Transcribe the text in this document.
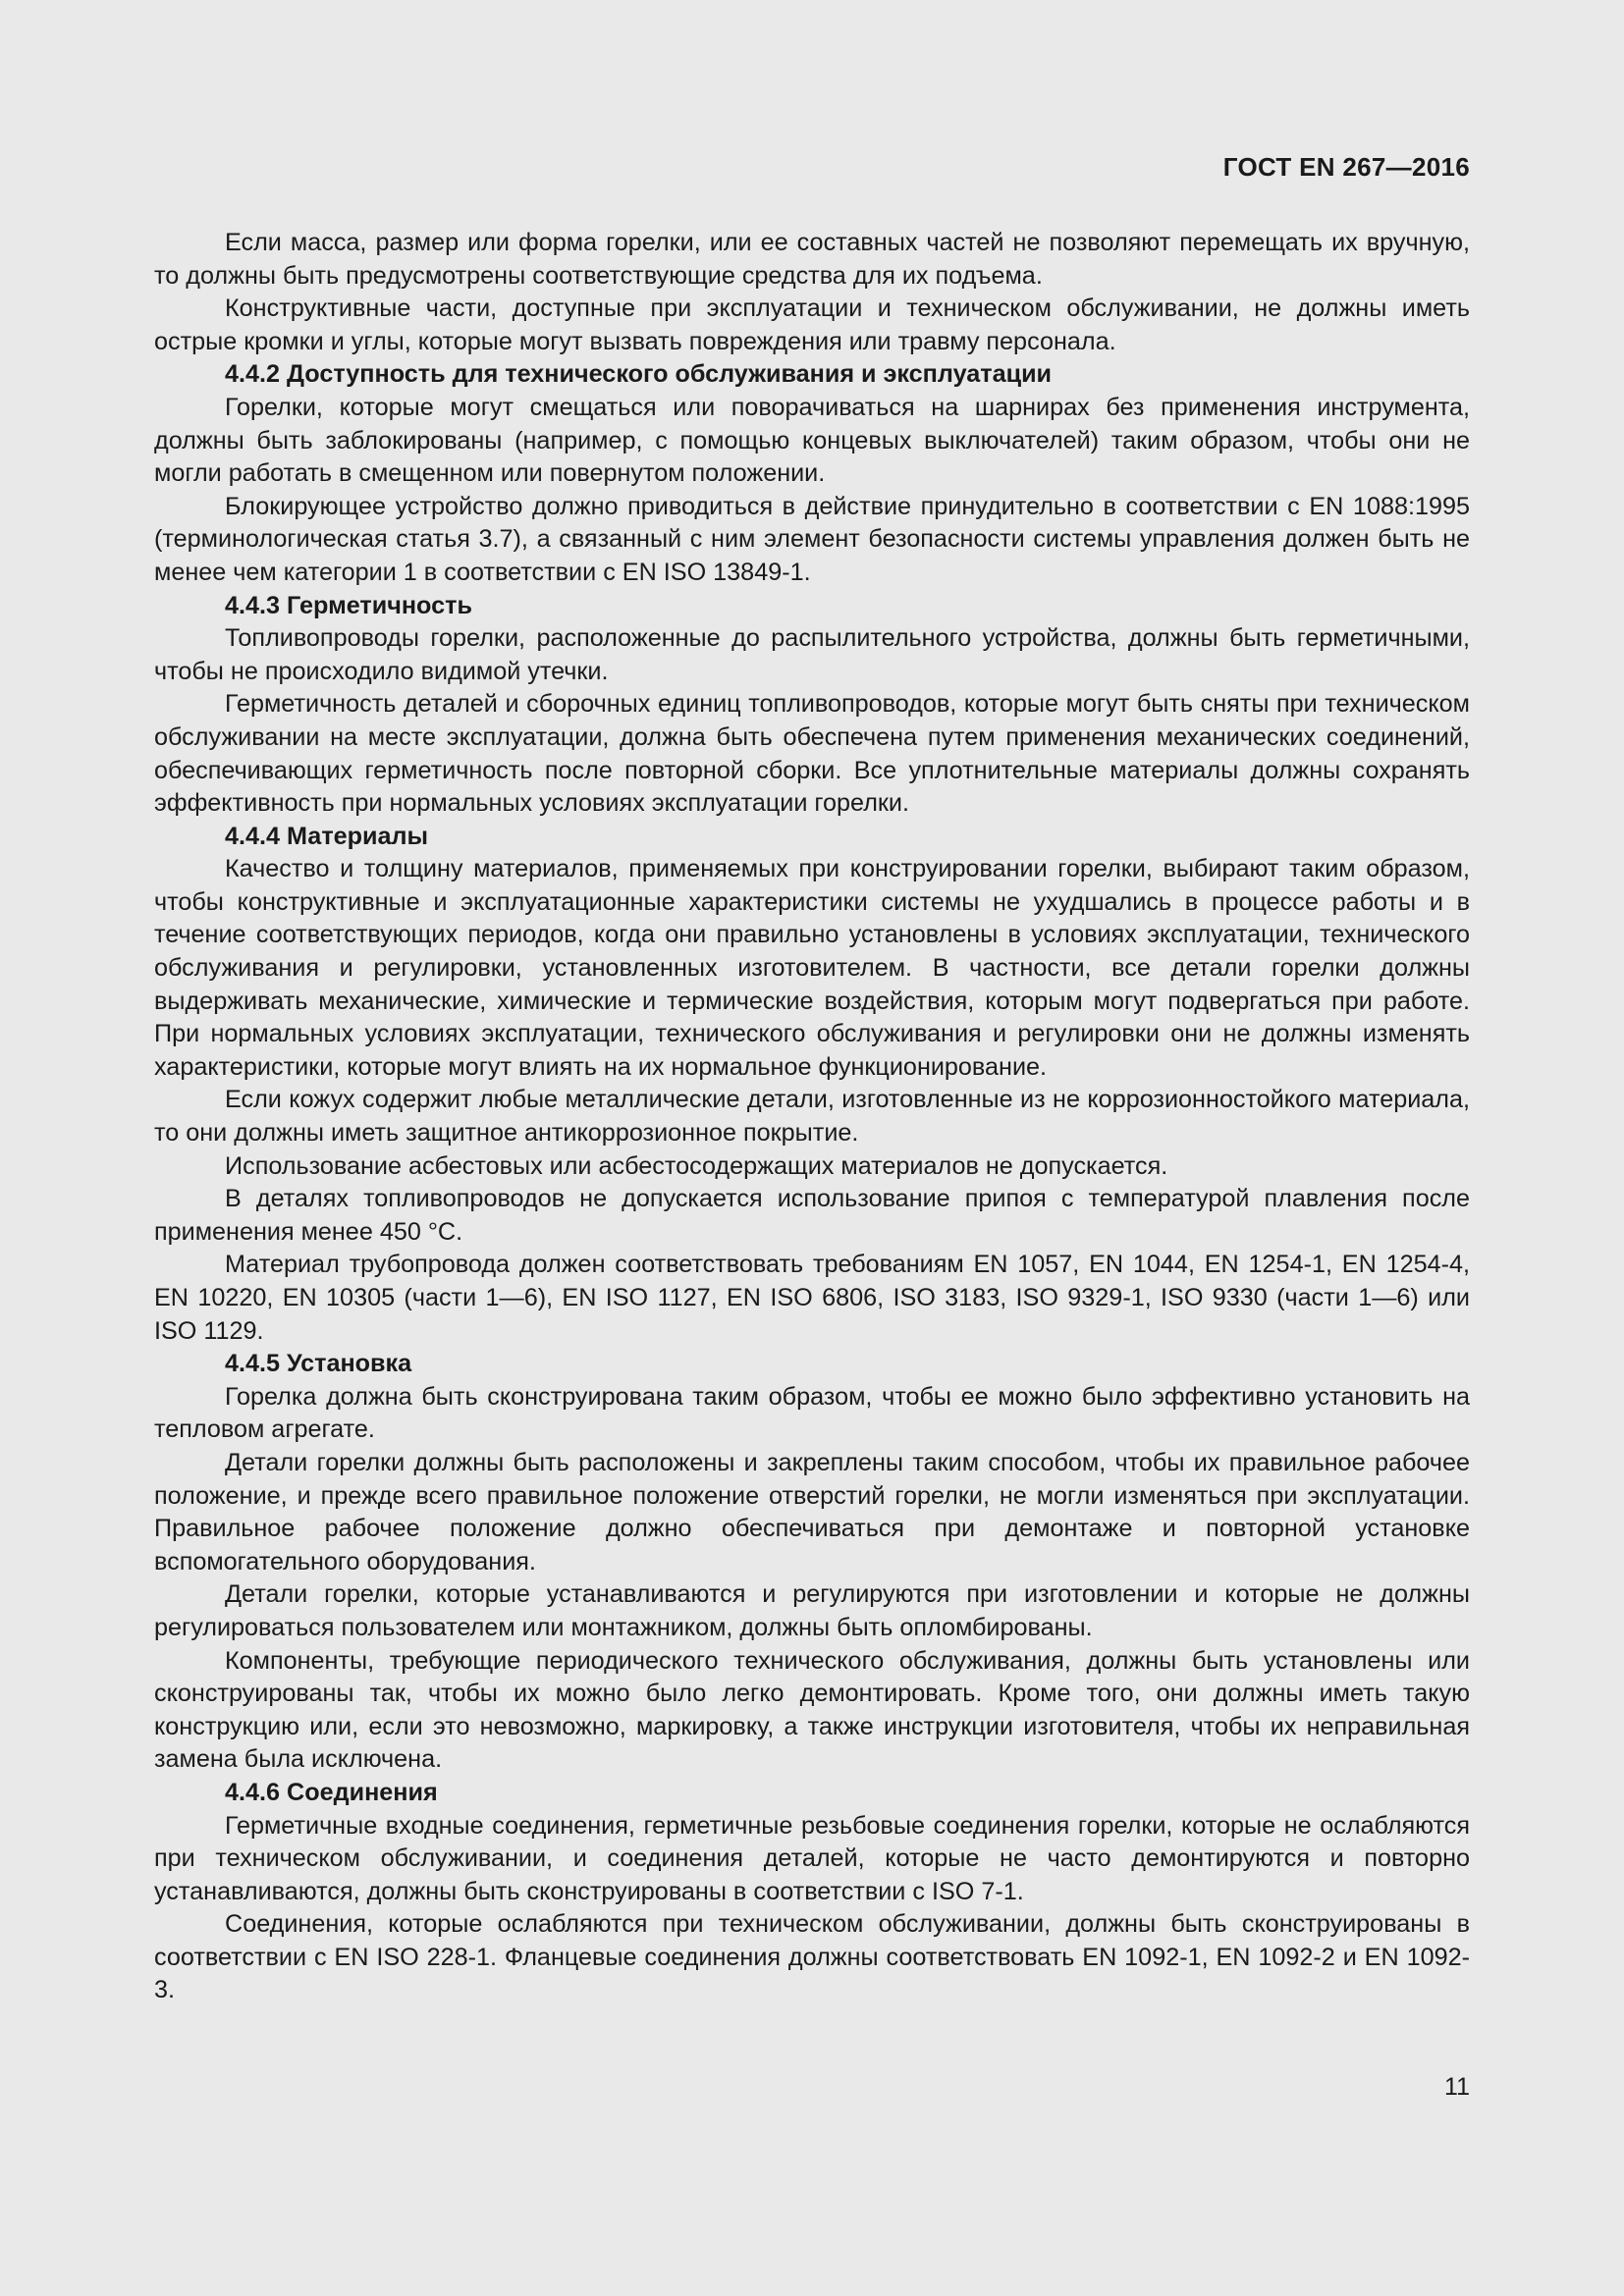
ГОСТ EN 267—2016

Если масса, размер или форма горелки, или ее составных частей не позволяют перемещать их вручную, то должны быть предусмотрены соответствующие средства для их подъема.

Конструктивные части, доступные при эксплуатации и техническом обслуживании, не должны иметь острые кромки и углы, которые могут вызвать повреждения или травму персонала.

4.4.2 Доступность для технического обслуживания и эксплуатации

Горелки, которые могут смещаться или поворачиваться на шарнирах без применения инструмента, должны быть заблокированы (например, с помощью концевых выключателей) таким образом, чтобы они не могли работать в смещенном или повернутом положении.

Блокирующее устройство должно приводиться в действие принудительно в соответствии с EN 1088:1995 (терминологическая статья 3.7), а связанный с ним элемент безопасности системы управления должен быть не менее чем категории 1 в соответствии с EN ISO 13849-1.

4.4.3 Герметичность

Топливопроводы горелки, расположенные до распылительного устройства, должны быть герметичными, чтобы не происходило видимой утечки.

Герметичность деталей и сборочных единиц топливопроводов, которые могут быть сняты при техническом обслуживании на месте эксплуатации, должна быть обеспечена путем применения механических соединений, обеспечивающих герметичность после повторной сборки. Все уплотнительные материалы должны сохранять эффективность при нормальных условиях эксплуатации горелки.

4.4.4 Материалы

Качество и толщину материалов, применяемых при конструировании горелки, выбирают таким образом, чтобы конструктивные и эксплуатационные характеристики системы не ухудшались в процессе работы и в течение соответствующих периодов, когда они правильно установлены в условиях эксплуатации, технического обслуживания и регулировки, установленных изготовителем. В частности, все детали горелки должны выдерживать механические, химические и термические воздействия, которым могут подвергаться при работе. При нормальных условиях эксплуатации, технического обслуживания и регулировки они не должны изменять характеристики, которые могут влиять на их нормальное функционирование.

Если кожух содержит любые металлические детали, изготовленные из не коррозионностойкого материала, то они должны иметь защитное антикоррозионное покрытие.

Использование асбестовых или асбестосодержащих материалов не допускается.

В деталях топливопроводов не допускается использование припоя с температурой плавления после применения менее 450 °С.

Материал трубопровода должен соответствовать требованиям EN 1057, EN 1044, EN 1254-1, EN 1254-4, EN 10220, EN 10305 (части 1—6), EN ISO 1127, EN ISO 6806, ISO 3183, ISO 9329-1, ISO 9330 (части 1—6) или ISO 1129.

4.4.5 Установка

Горелка должна быть сконструирована таким образом, чтобы ее можно было эффективно установить на тепловом агрегате.

Детали горелки должны быть расположены и закреплены таким способом, чтобы их правильное рабочее положение, и прежде всего правильное положение отверстий горелки, не могли изменяться при эксплуатации. Правильное рабочее положение должно обеспечиваться при демонтаже и повторной установке вспомогательного оборудования.

Детали горелки, которые устанавливаются и регулируются при изготовлении и которые не должны регулироваться пользователем или монтажником, должны быть опломбированы.

Компоненты, требующие периодического технического обслуживания, должны быть установлены или сконструированы так, чтобы их можно было легко демонтировать. Кроме того, они должны иметь такую конструкцию или, если это невозможно, маркировку, а также инструкции изготовителя, чтобы их неправильная замена была исключена.

4.4.6 Соединения

Герметичные входные соединения, герметичные резьбовые соединения горелки, которые не ослабляются при техническом обслуживании, и соединения деталей, которые не часто демонтируются и повторно устанавливаются, должны быть сконструированы в соответствии с ISO 7-1.

Соединения, которые ослабляются при техническом обслуживании, должны быть сконструированы в соответствии с EN ISO 228-1. Фланцевые соединения должны соответствовать EN 1092-1, EN 1092-2 и EN 1092-3.

11
